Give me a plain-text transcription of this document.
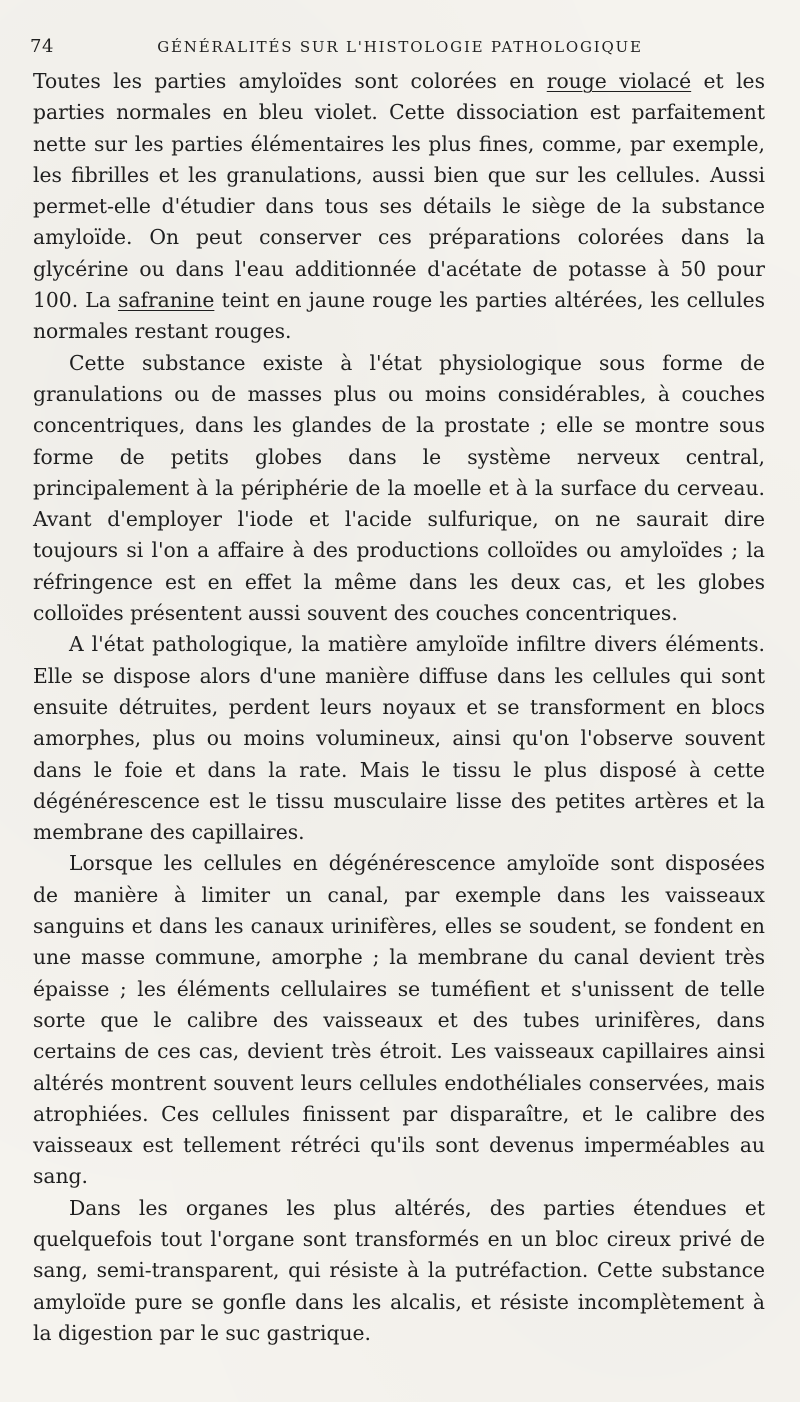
74	GÉNÉRALITÉS SUR L'HISTOLOGIE PATHOLOGIQUE

Toutes les parties amyloïdes sont colorées en rouge violacé et les parties normales en bleu violet. Cette dissociation est parfaitement nette sur les parties élémentaires les plus fines, comme, par exemple, les fibrilles et les granulations, aussi bien que sur les cellules. Aussi permet-elle d'étudier dans tous ses détails le siège de la substance amyloïde. On peut conserver ces préparations colorées dans la glycérine ou dans l'eau additionnée d'acétate de potasse à 50 pour 100. La safranine teint en jaune rouge les parties altérées, les cellules normales restant rouges.

Cette substance existe à l'état physiologique sous forme de granulations ou de masses plus ou moins considérables, à couches concentriques, dans les glandes de la prostate ; elle se montre sous forme de petits globes dans le système nerveux central, principalement à la périphérie de la moelle et à la surface du cerveau. Avant d'employer l'iode et l'acide sulfurique, on ne saurait dire toujours si l'on a affaire à des productions colloïdes ou amyloïdes ; la réfringence est en effet la même dans les deux cas, et les globes colloïdes présentent aussi souvent des couches concentriques.

A l'état pathologique, la matière amyloïde infiltre divers éléments. Elle se dispose alors d'une manière diffuse dans les cellules qui sont ensuite détruites, perdent leurs noyaux et se transforment en blocs amorphes, plus ou moins volumineux, ainsi qu'on l'observe souvent dans le foie et dans la rate. Mais le tissu le plus disposé à cette dégénérescence est le tissu musculaire lisse des petites artères et la membrane des capillaires.

Lorsque les cellules en dégénérescence amyloïde sont disposées de manière à limiter un canal, par exemple dans les vaisseaux sanguins et dans les canaux urinifères, elles se soudent, se fondent en une masse commune, amorphe ; la membrane du canal devient très épaisse ; les éléments cellulaires se tuméfient et s'unissent de telle sorte que le calibre des vaisseaux et des tubes urinifères, dans certains de ces cas, devient très étroit. Les vaisseaux capillaires ainsi altérés montrent souvent leurs cellules endothéliales conservées, mais atrophiées. Ces cellules finissent par disparaître, et le calibre des vaisseaux est tellement rétréci qu'ils sont devenus imperméables au sang.

Dans les organes les plus altérés, des parties étendues et quelquefois tout l'organe sont transformés en un bloc cireux privé de sang, semi-transparent, qui résiste à la putréfaction. Cette substance amyloïde pure se gonfle dans les alcalis, et résiste incomplètement à la digestion par le suc gastrique.
